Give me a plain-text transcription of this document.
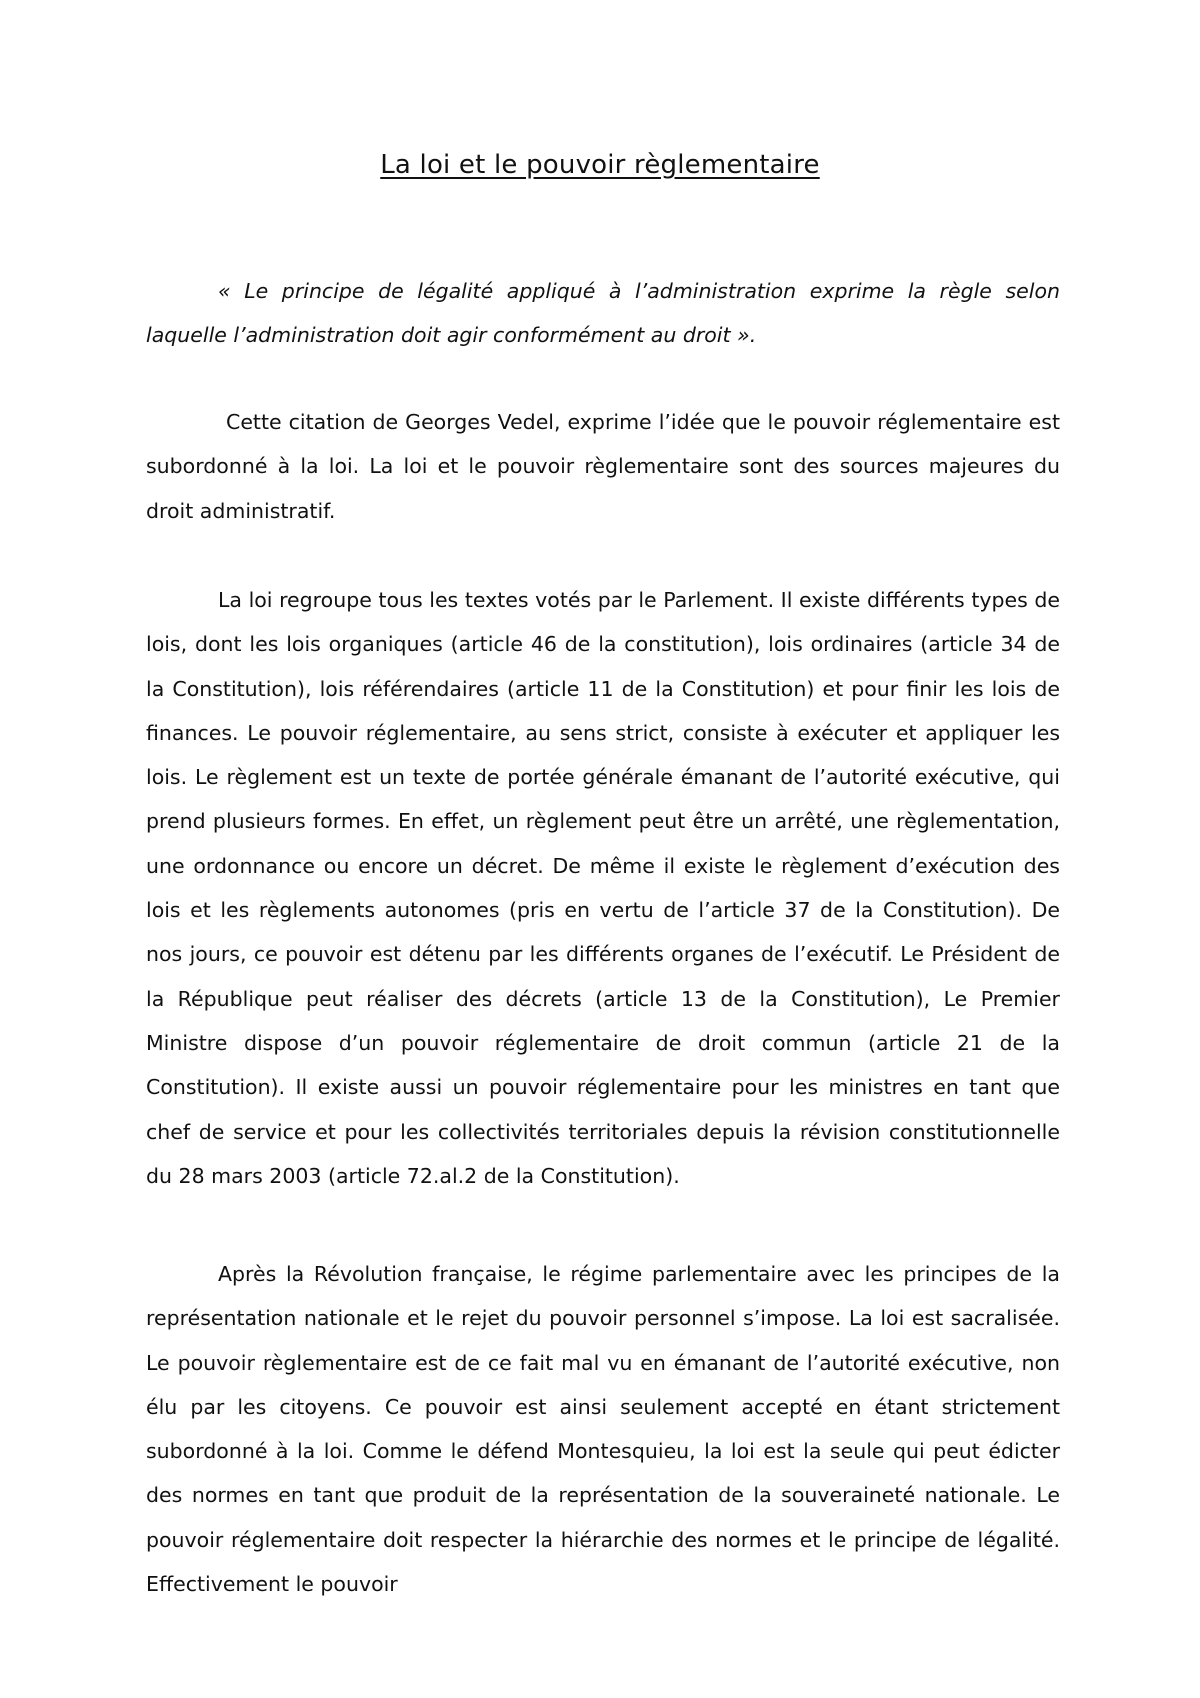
La loi et le pouvoir règlementaire

« Le principe de légalité appliqué à l’administration exprime la règle selon laquelle l’administration doit agir conformément au droit ».

Cette citation de Georges Vedel, exprime l’idée que le pouvoir réglementaire est subordonné à la loi. La loi et le pouvoir règlementaire sont des sources majeures du droit administratif.

La loi regroupe tous les textes votés par le Parlement. Il existe différents types de lois, dont les lois organiques (article 46 de la constitution), lois ordinaires (article 34 de la Constitution), lois référendaires (article 11 de la Constitution) et pour finir les lois de finances. Le pouvoir réglementaire, au sens strict, consiste à exécuter et appliquer les lois. Le règlement est un texte de portée générale émanant de l’autorité exécutive, qui prend plusieurs formes. En effet, un règlement peut être un arrêté, une règlementation, une ordonnance ou encore un décret. De même il existe le règlement d’exécution des lois et les règlements autonomes (pris en vertu de l’article 37 de la Constitution). De nos jours, ce pouvoir est détenu par les différents organes de l’exécutif. Le Président de la République peut réaliser des décrets (article 13 de la Constitution), Le Premier Ministre dispose d’un pouvoir réglementaire de droit commun (article 21 de la Constitution). Il existe aussi un pouvoir réglementaire pour les ministres en tant que chef de service et pour les collectivités territoriales depuis la révision constitutionnelle du 28 mars 2003 (article 72.al.2 de la Constitution).

Après la Révolution française, le régime parlementaire avec les principes de la représentation nationale et le rejet du pouvoir personnel s’impose. La loi est sacralisée. Le pouvoir règlementaire est de ce fait mal vu en émanant de l’autorité exécutive, non élu par les citoyens. Ce pouvoir est ainsi seulement accepté en étant strictement subordonné à la loi. Comme le défend Montesquieu, la loi est la seule qui peut édicter des normes en tant que produit de la représentation de la souveraineté nationale. Le pouvoir réglementaire doit respecter la hiérarchie des normes et le principe de légalité. Effectivement le pouvoir
